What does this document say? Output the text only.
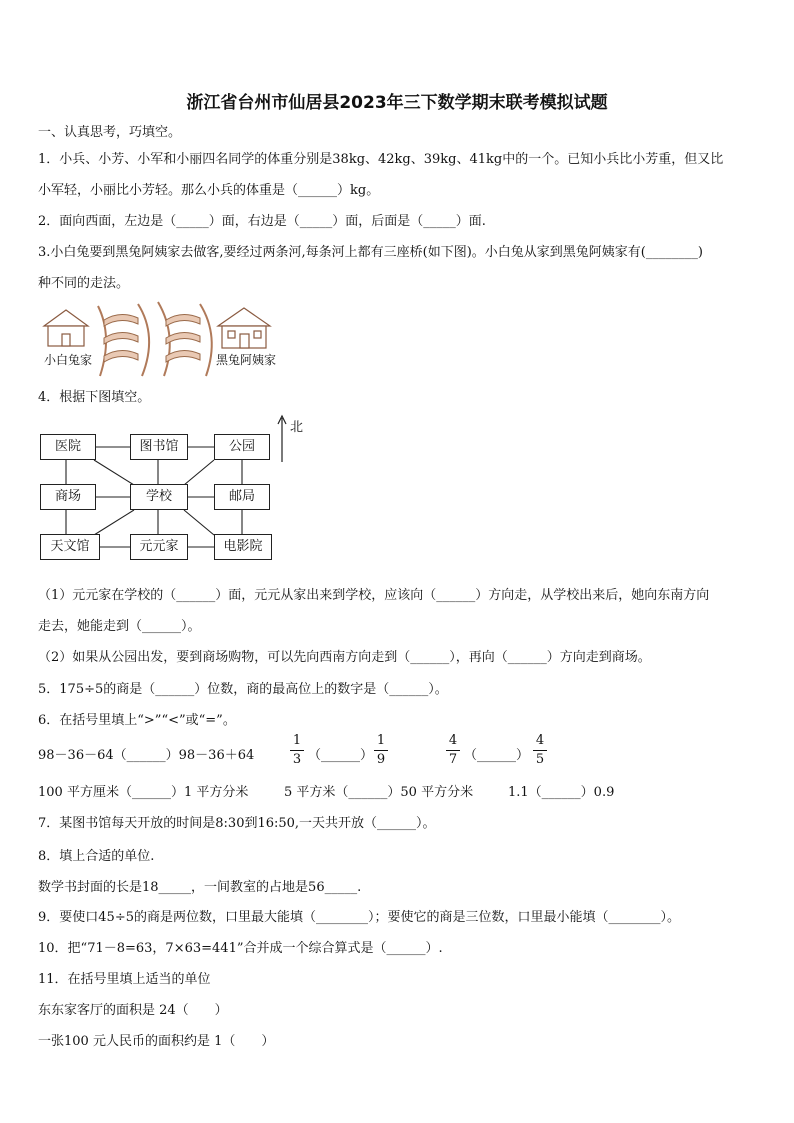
浙江省台州市仙居县2023年三下数学期末联考模拟试题
一、认真思考，巧填空。
1．小兵、小芳、小军和小丽四名同学的体重分别是38kg、42kg、39kg、41kg中的一个。已知小兵比小芳重，但又比
小军轻，小丽比小芳轻。那么小兵的体重是（______）kg。
2．面向西面，左边是（_____）面，右边是（_____）面，后面是（_____）面.
3.小白兔要到黑兔阿姨家去做客,要经过两条河,每条河上都有三座桥(如下图)。小白兔从家到黑兔阿姨家有(________)
种不同的走法。
小白兔家	黑兔阿姨家
4．根据下图填空。
北
医院	图书馆	公园
商场	学校	邮局
天文馆	元元家	电影院
（1）元元家在学校的（______）面，元元从家出来到学校，应该向（______）方向走，从学校出来后，她向东南方向
走去，她能走到（______）。
（2）如果从公园出发，要到商场购物，可以先向西南方向走到（______），再向（______）方向走到商场。
5．175÷5的商是（______）位数，商的最高位上的数字是（______）。
6．在括号里填上“>”“<”或“=”。
98－36－64（______）98－36＋64
1
3 （______）
1
9
4
7 （______）
4
5
100 平方厘米（______）1 平方分米	5 平方米（______）50 平方分米	1.1（______）0.9
7．某图书馆每天开放的时间是8:30到16:50,一天共开放（______）。
8．填上合适的单位.
数学书封面的长是18_____，一间教室的占地是56_____.
9．要使口45÷5的商是两位数，口里最大能填（________）；要使它的商是三位数，口里最小能填（________）。
10．把“71－8=63，7×63=441”合并成一个综合算式是（______）.
11．在括号里填上适当的单位
东东家客厅的面积是 24（　　）
一张100 元人民币的面积约是 1（　　）
